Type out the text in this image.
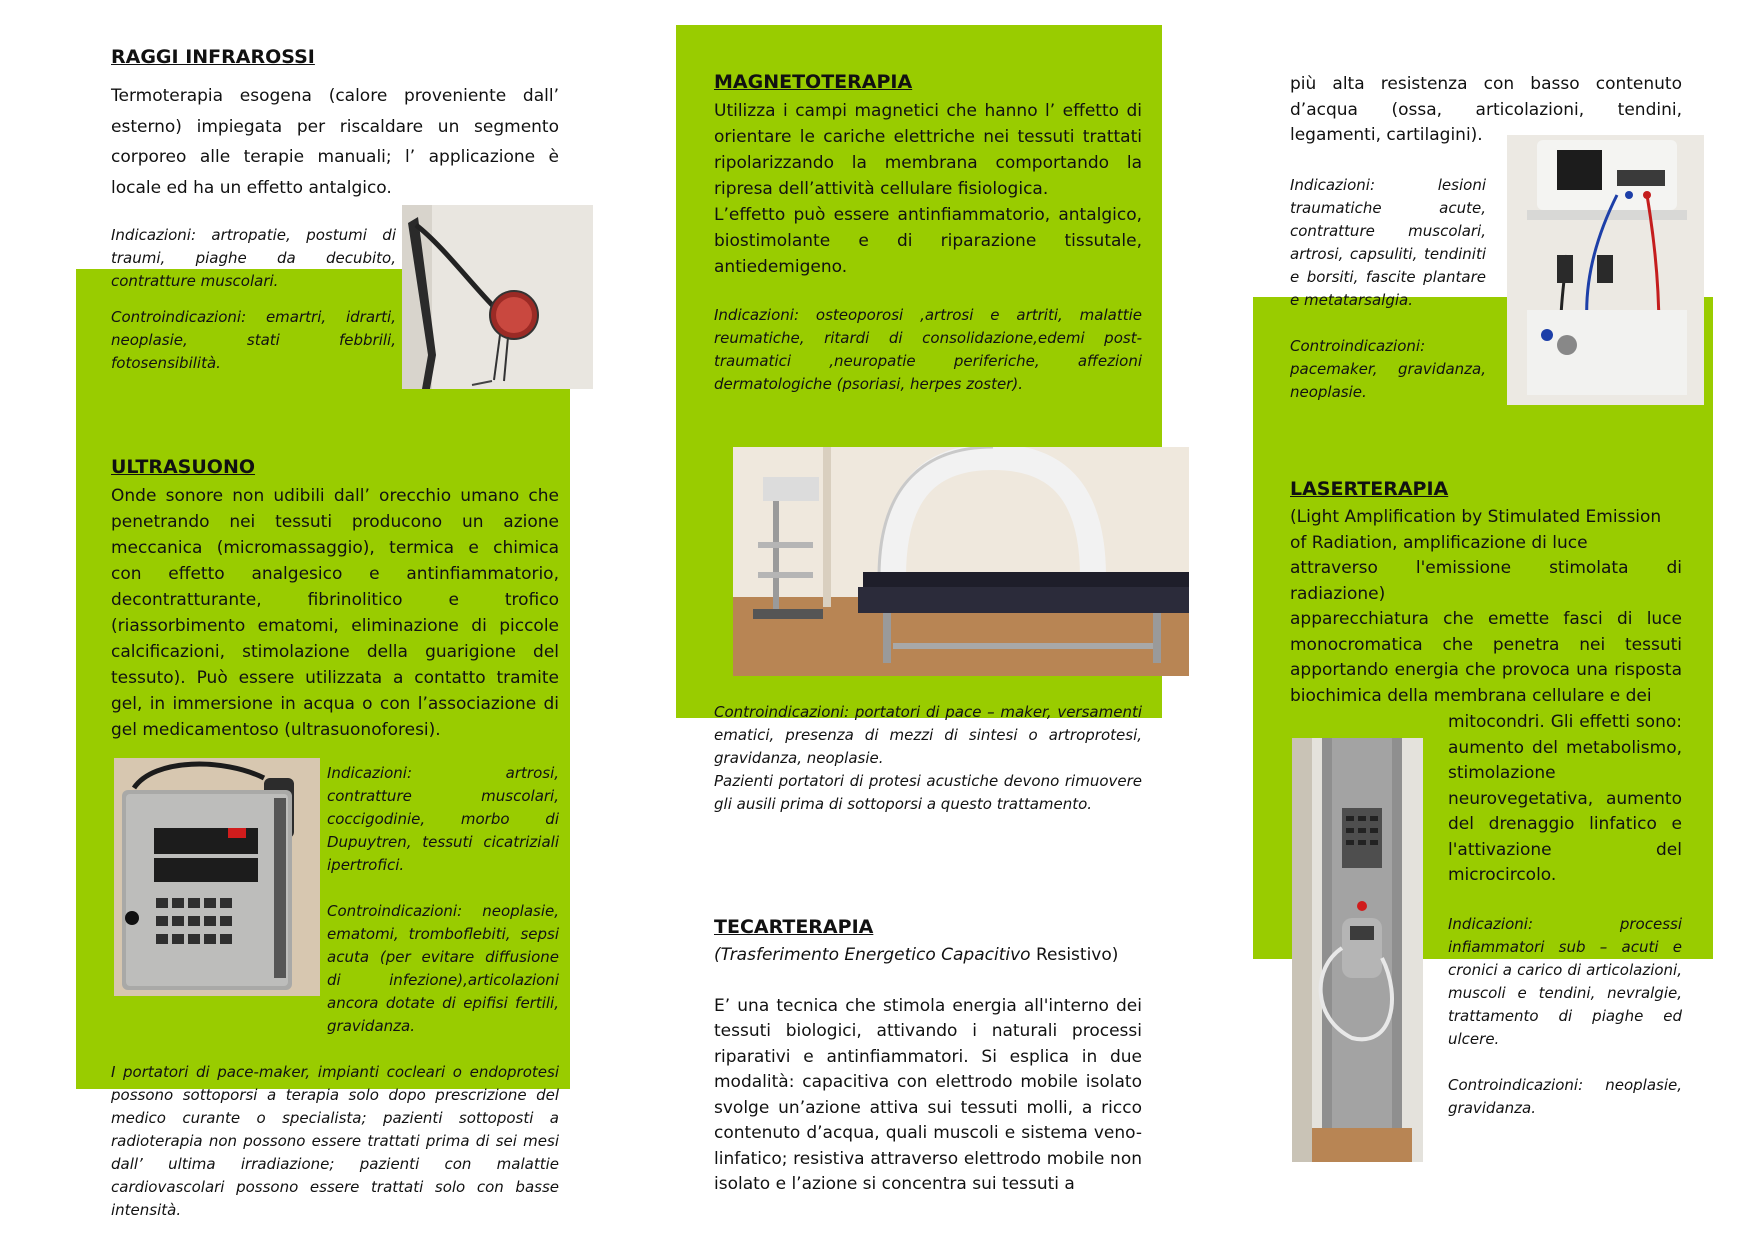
RAGGI INFRAROSSI

Termoterapia esogena (calore proveniente dall’ esterno) impiegata per riscaldare un segmento corporeo alle terapie manuali; l’ applicazione è locale ed ha un effetto antalgico.

Indicazioni: artropatie, postumi di traumi, piaghe da decubito, contratture muscolari.

Controindicazioni: emartri, idrarti, neoplasie, stati febbrili, fotosensibilità.

ULTRASUONO

Onde sonore non udibili dall’ orecchio umano che penetrando nei tessuti producono un azione meccanica (micromassaggio), termica e chimica con effetto analgesico e antinfiammatorio, decontratturante, fibrinolitico e trofico (riassorbimento ematomi, eliminazione di piccole calcificazioni, stimolazione della guarigione del tessuto). Può essere utilizzata a contatto tramite gel, in immersione in acqua o con l’associazione di gel medicamentoso (ultrasuonoforesi).

Indicazioni: artrosi, contratture muscolari, coccigodinie, morbo di Dupuytren, tessuti cicatriziali ipertrofici.

Controindicazioni: neoplasie, ematomi, tromboflebiti, sepsi acuta (per evitare diffusione di infezione),articolazioni ancora dotate di epifisi fertili, gravidanza.

I portatori di pace-maker, impianti cocleari o endoprotesi possono sottoporsi a terapia solo dopo prescrizione del medico curante o specialista; pazienti sottoposti a radioterapia non possono essere trattati prima di sei mesi dall’ ultima irradiazione; pazienti con malattie cardiovascolari possono essere trattati solo con basse intensità.

MAGNETOTERAPIA

Utilizza i campi magnetici che hanno l’ effetto di orientare le cariche elettriche nei tessuti trattati ripolarizzando la membrana comportando la ripresa dell’attività cellulare fisiologica.

L’effetto può essere antinfiammatorio, antalgico, biostimolante e di riparazione tissutale, antiedemigeno.

Indicazioni: osteoporosi ,artrosi e artriti, malattie reumatiche, ritardi di consolidazione,edemi post-traumatici ,neuropatie periferiche, affezioni dermatologiche (psoriasi, herpes zoster).

Controindicazioni: portatori di pace – maker, versamenti ematici, presenza di mezzi di sintesi o artroprotesi, gravidanza, neoplasie.

Pazienti portatori di protesi acustiche devono rimuovere gli ausili prima di sottoporsi a questo trattamento.

TECARTERAPIA

(Trasferimento Energetico Capacitivo Resistivo)

E’ una tecnica che stimola energia all'interno dei tessuti biologici, attivando i naturali processi riparativi e antinfiammatori. Si esplica in due modalità: capacitiva con elettrodo mobile isolato svolge un’azione attiva sui tessuti molli, a ricco contenuto d’acqua, quali muscoli e sistema veno-linfatico; resistiva attraverso elettrodo mobile non isolato e l’azione si concentra sui tessuti a

più alta resistenza con basso contenuto d’acqua (ossa, articolazioni, tendini, legamenti, cartilagini).

Indicazioni: lesioni traumatiche acute, contratture muscolari, artrosi, capsuliti, tendiniti e borsiti, fascite plantare e metatarsalgia.

Controindicazioni: pacemaker, gravidanza, neoplasie.

LASERTERAPIA

(Light Amplification by Stimulated Emission of Radiation, amplificazione di luce

attraverso l'emissione stimolata di radiazione)

apparecchiatura che emette fasci di luce monocromatica che penetra nei tessuti apportando energia che provoca una risposta biochimica della membrana cellulare e dei

mitocondri. Gli effetti sono: aumento del metabolismo, stimolazione neurovegetativa, aumento del drenaggio linfatico e l'attivazione del microcircolo.

Indicazioni: processi infiammatori sub – acuti e cronici a carico di articolazioni, muscoli e tendini, nevralgie, trattamento di piaghe ed ulcere.

Controindicazioni: neoplasie, gravidanza.
